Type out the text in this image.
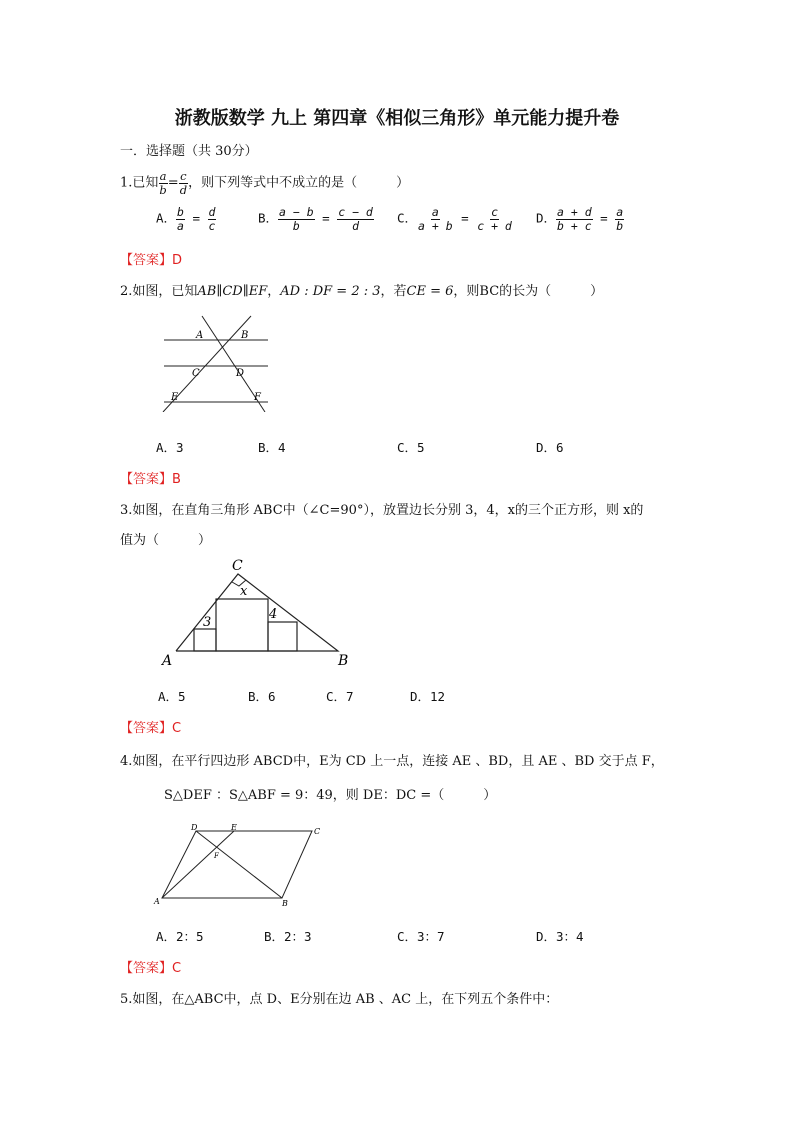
浙教版数学 九上 第四章《相似三角形》单元能力提升卷
一．选择题（共 30分）
1.已知 $\frac{a}{b} = \frac{c}{d}$ ，则下列等式中不成立的是（　　　）
A． $\frac{b}{a} = \frac{d}{c}$	B． $\frac{a - b}{b} = \frac{c - d}{d}$ C． $\frac{a}{a + b} = \frac{c}{c + d}$ D． $\frac{a + d}{b + c} = \frac{a}{b}$
【答案】D
2.如图，已知AB∥CD∥EF，AD : DF = 2 : 3，若CE = 6，则BC的长为（　　　）
A	B
C	D
E	F
A．3	B．4	C．5	D．6
【答案】B
3.如图，在直角三角形 ABC中（∠C=90°），放置边长分别 3，4，x的三个正方形，则 x的
值为（　　　）
C
x
3
4
A	B
A．5	B．6	C．7	D．12
【答案】C
4.如图，在平行四边形 ABCD中，E为 CD 上一点，连接 AE 、BD，且 AE 、BD 交于点 F，
S△DEF ：S△ABF = 9：49，则 DE：DC =（　　　）
D	E	C
F
A	B
A．2：5	B．2：3	C．3：7	D．3：4
【答案】C
5.如图，在△ABC中，点 D、E分别在边 AB 、AC 上，在下列五个条件中：
